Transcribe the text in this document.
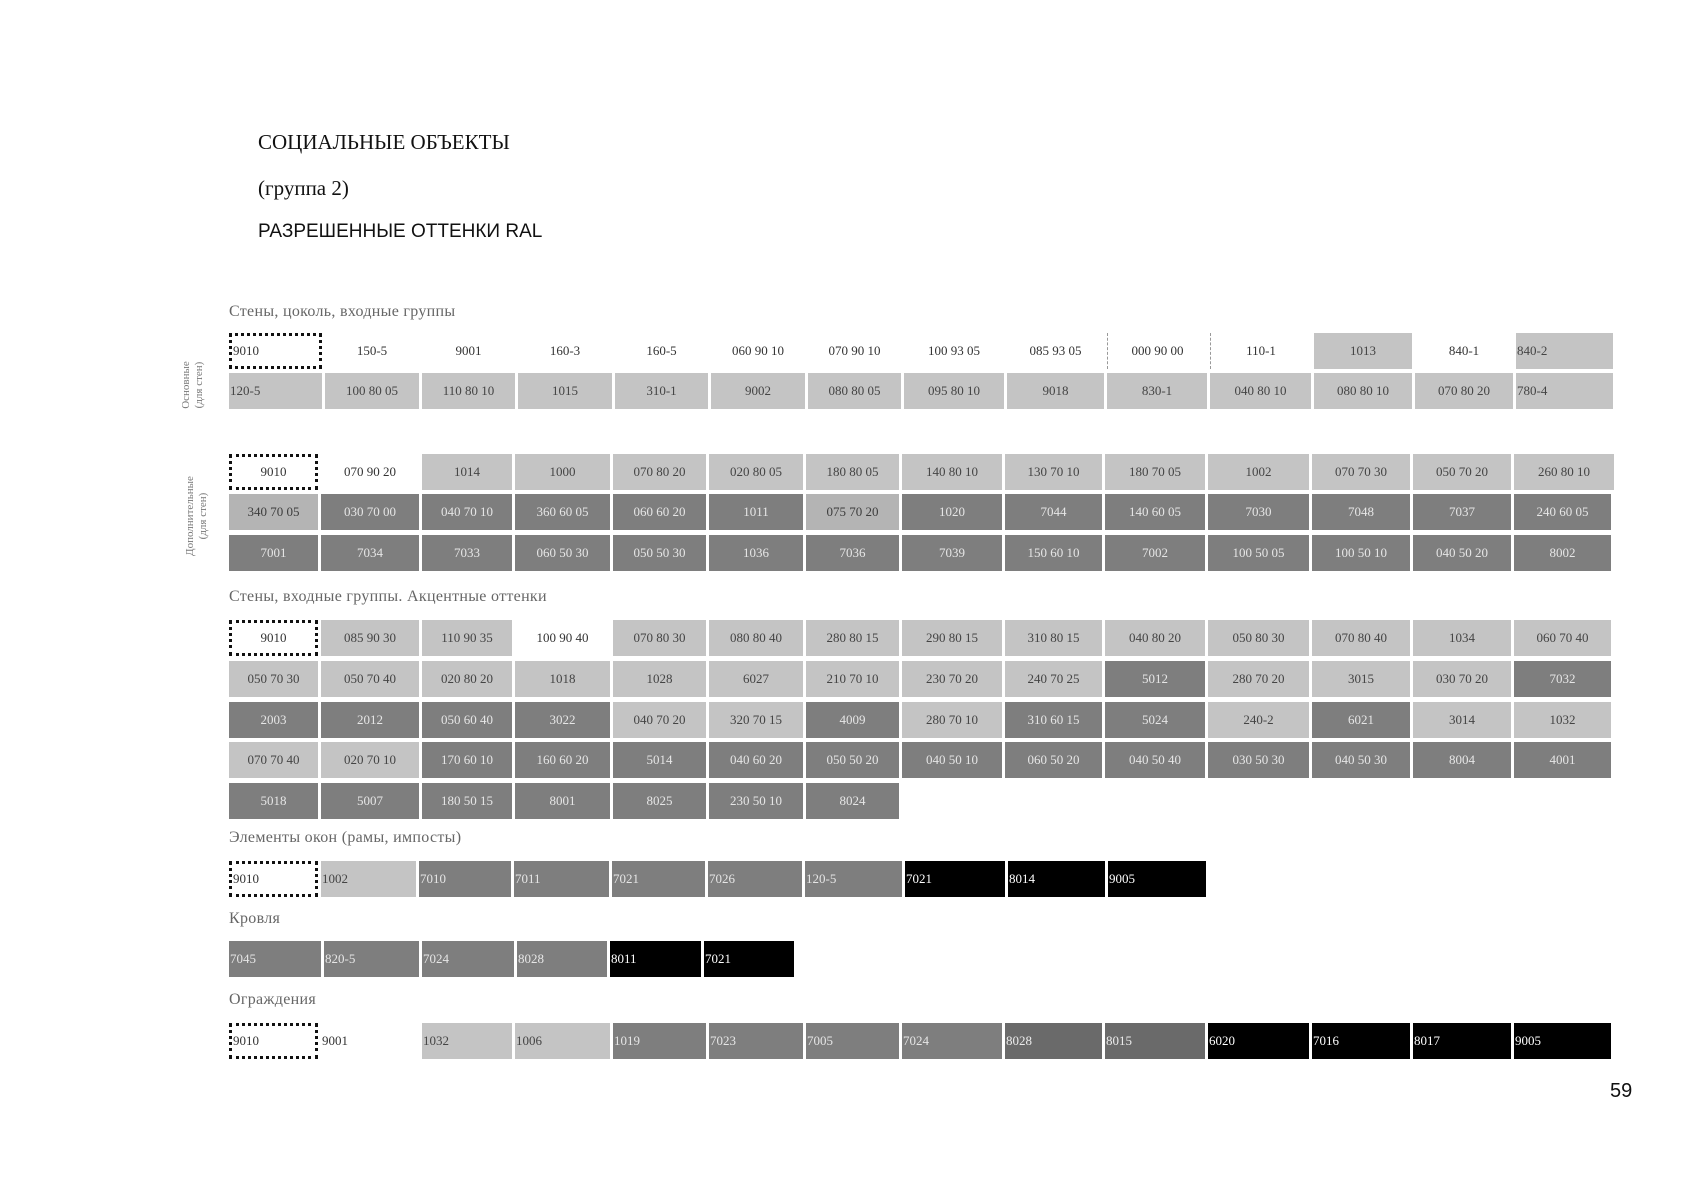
СОЦИАЛЬНЫЕ ОБЪЕКТЫ
(группа 2)
РАЗРЕШЕННЫЕ ОТТЕНКИ RAL
Стены, цоколь, входные группы
Основные (для стен)
9010	150-5	9001	160-3	160-5	060 90 10	070 90 10	100 93 05	085 93 05	000 90 00	110-1	1013	840-1	840-2
120-5	100 80 05	110 80 10	1015	310-1	9002	080 80 05	095 80 10	9018	830-1	040 80 10	080 80 10	070 80 20	780-4
Дополнительные (для стен)
9010	070 90 20	1014	1000	070 80 20	020 80 05	180 80 05	140 80 10	130 70 10	180 70 05	1002	070 70 30	050 70 20	260 80 10
340 70 05	030 70 00	040 70 10	360 60 05	060 60 20	1011	075 70 20	1020	7044	140 60 05	7030	7048	7037	240 60 05
7001	7034	7033	060 50 30	050 50 30	1036	7036	7039	150 60 10	7002	100 50 05	100 50 10	040 50 20	8002
Стены, входные группы. Акцентные оттенки
9010	085 90 30	110 90 35	100 90 40	070 80 30	080 80 40	280 80 15	290 80 15	310 80 15	040 80 20	050 80 30	070 80 40	1034	060 70 40
050 70 30	050 70 40	020 80 20	1018	1028	6027	210 70 10	230 70 20	240 70 25	5012	280 70 20	3015	030 70 20	7032
2003	2012	050 60 40	3022	040 70 20	320 70 15	4009	280 70 10	310 60 15	5024	240-2	6021	3014	1032
070 70 40	020 70 10	170 60 10	160 60 20	5014	040 60 20	050 50 20	040 50 10	060 50 20	040 50 40	030 50 30	040 50 30	8004	4001
5018	5007	180 50 15	8001	8025	230 50 10	8024
Элементы окон (рамы, импосты)
9010	1002	7010	7011	7021	7026	120-5	7021	8014	9005
Кровля
7045	820-5	7024	8028	8011	7021
Ограждения
9010	9001	1032	1006	1019	7023	7005	7024	8028	8015	6020	7016	8017	9005
59
